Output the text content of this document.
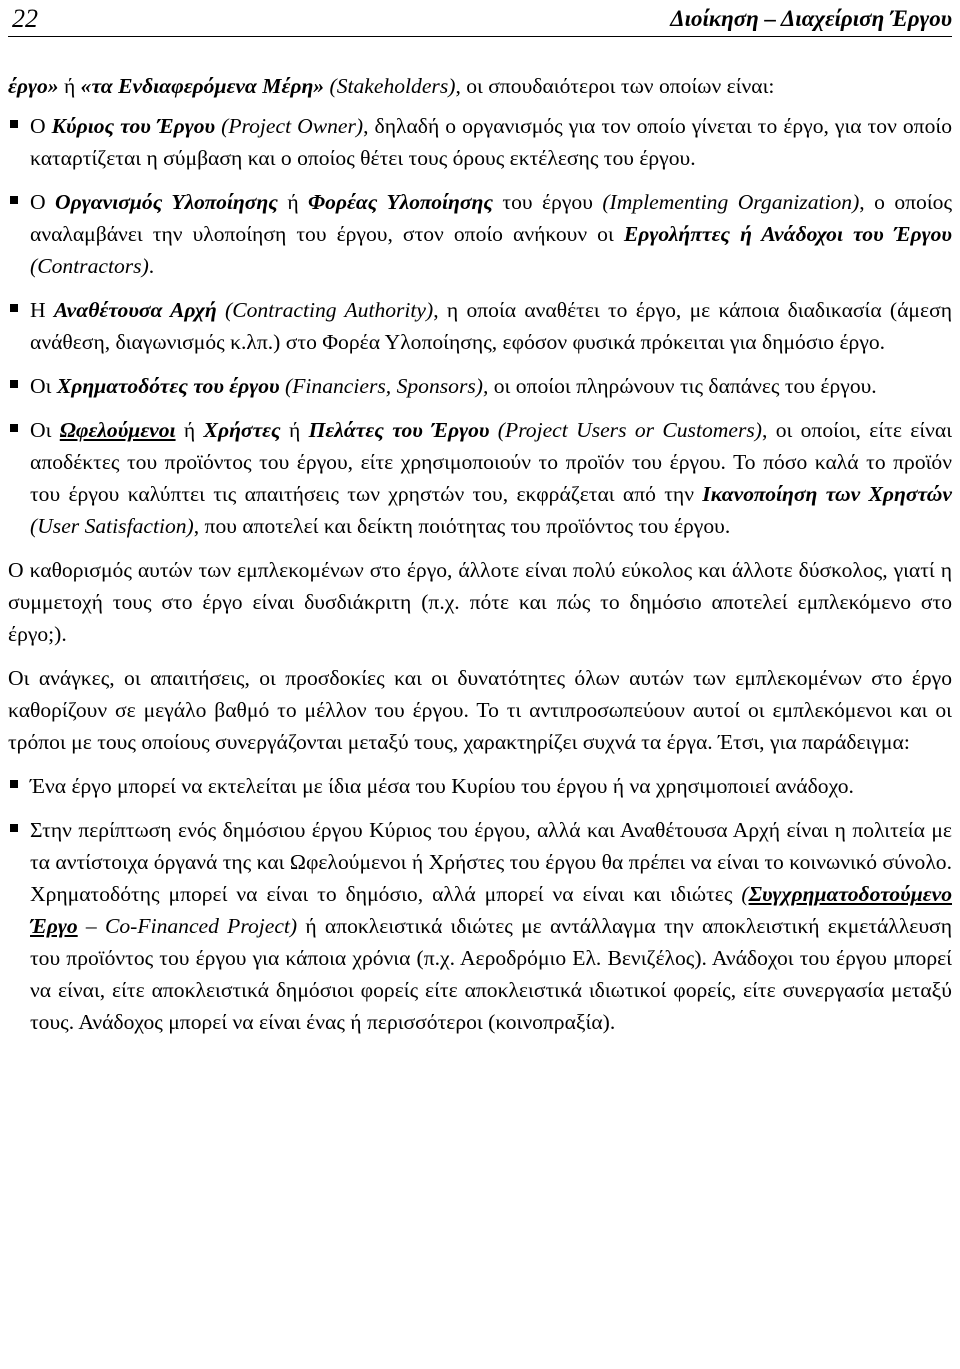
22	Διοίκηση – Διαχείριση Έργου

έργο» ή «τα Ενδιαφερόμενα Μέρη» (Stakeholders), οι σπουδαιότεροι των οποίων είναι:

Ο Κύριος του Έργου (Project Owner), δηλαδή ο οργανισμός για τον οποίο γίνεται το έργο, για τον οποίο καταρτίζεται η σύμβαση και ο οποίος θέτει τους όρους εκτέλεσης του έργου.
Ο Οργανισμός Υλοποίησης ή Φορέας Υλοποίησης του έργου (Implementing Organization), ο οποίος αναλαμβάνει την υλοποίηση του έργου, στον οποίο ανήκουν οι Εργολήπτες ή Ανάδοχοι του Έργου (Contractors).
Η Αναθέτουσα Αρχή (Contracting Authority), η οποία αναθέτει το έργο, με κάποια διαδικασία (άμεση ανάθεση, διαγωνισμός κ.λπ.) στο Φορέα Υλοποίησης, εφόσον φυσικά πρόκειται για δημόσιο έργο.
Οι Χρηματοδότες του έργου (Financiers, Sponsors), οι οποίοι πληρώνουν τις δαπάνες του έργου.
Οι Ωφελούμενοι ή Χρήστες ή Πελάτες του Έργου (Project Users or Customers), οι οποίοι, είτε είναι αποδέκτες του προϊόντος του έργου, είτε χρησιμοποιούν το προϊόν του έργου. Το πόσο καλά το προϊόν του έργου καλύπτει τις απαιτήσεις των χρηστών του, εκφράζεται από την Ικανοποίηση των Χρηστών (User Satisfaction), που αποτελεί και δείκτη ποιότητας του προϊόντος του έργου.

Ο καθορισμός αυτών των εμπλεκομένων στο έργο, άλλοτε είναι πολύ εύκολος και άλλοτε δύσκολος, γιατί η συμμετοχή τους στο έργο είναι δυσδιάκριτη (π.χ. πότε και πώς το δημόσιο αποτελεί εμπλεκόμενο στο έργο;).

Οι ανάγκες, οι απαιτήσεις, οι προσδοκίες και οι δυνατότητες όλων αυτών των εμπλεκομένων στο έργο καθορίζουν σε μεγάλο βαθμό το μέλλον του έργου. Το τι αντιπροσωπεύουν αυτοί οι εμπλεκόμενοι και οι τρόποι με τους οποίους συνεργάζονται μεταξύ τους, χαρακτηρίζει συχνά τα έργα. Έτσι, για παράδειγμα:

Ένα έργο μπορεί να εκτελείται με ίδια μέσα του Κυρίου του έργου ή να χρησιμοποιεί ανάδοχο.
Στην περίπτωση ενός δημόσιου έργου Κύριος του έργου, αλλά και Αναθέτουσα Αρχή είναι η πολιτεία με τα αντίστοιχα όργανά της και Ωφελούμενοι ή Χρήστες του έργου θα πρέπει να είναι το κοινωνικό σύνολο. Χρηματοδότης μπορεί να είναι το δημόσιο, αλλά μπορεί να είναι και ιδιώτες (Συγχρηματοδοτούμενο Έργο – Co-Financed Project) ή αποκλειστικά ιδιώτες με αντάλλαγμα την αποκλειστική εκμετάλλευση του προϊόντος του έργου για κάποια χρόνια (π.χ. Αεροδρόμιο Ελ. Βενιζέλος). Ανάδοχοι του έργου μπορεί να είναι, είτε αποκλειστικά δημόσιοι φορείς είτε αποκλειστικά ιδιωτικοί φορείς, είτε συνεργασία μεταξύ τους. Ανάδοχος μπορεί να είναι ένας ή περισσότεροι (κοινοπραξία).
